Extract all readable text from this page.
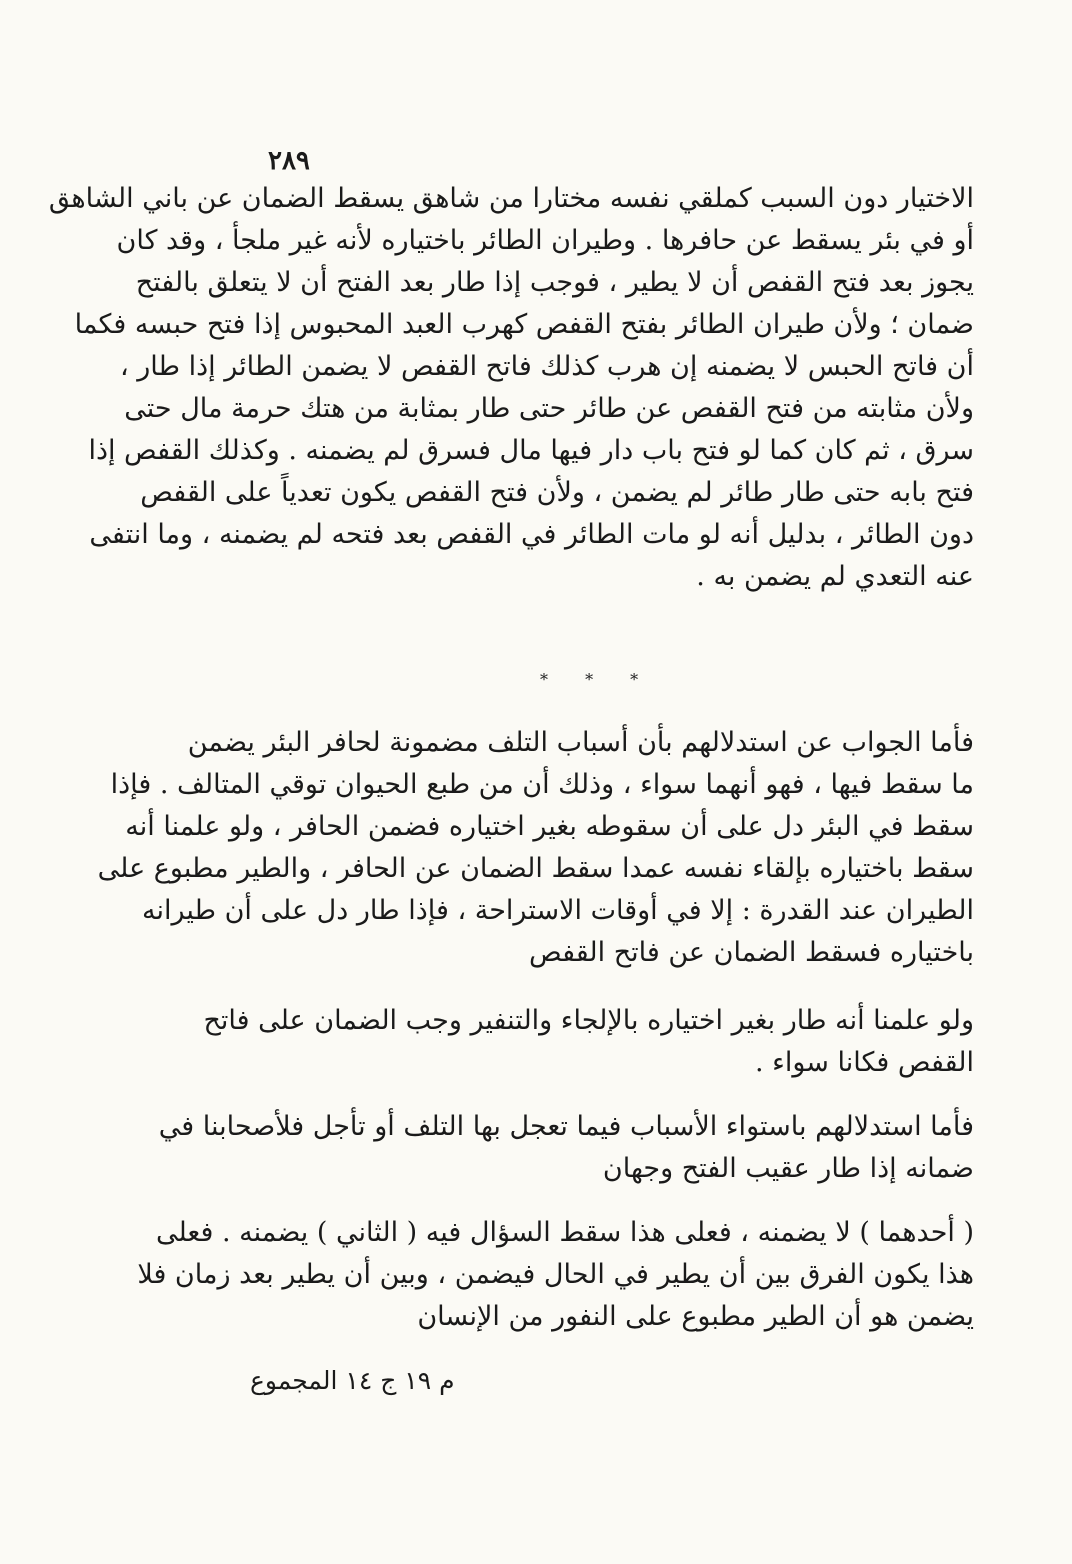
٢٨٩
الاختيار دون السبب كملقي نفسه مختارا من شاهق يسقط الضمان عن باني الشاهق
أو في بئر يسقط عن حافرها . وطيران الطائر باختياره لأنه غير ملجأ ، وقد كان
يجوز بعد فتح القفص أن لا يطير ، فوجب إذا طار بعد الفتح أن لا يتعلق بالفتح
ضمان ؛ ولأن طيران الطائر بفتح القفص كهرب العبد المحبوس إذا فتح حبسه فكما
أن فاتح الحبس لا يضمنه إن هرب كذلك فاتح القفص لا يضمن الطائر إذا طار ،
ولأن مثابته من فتح القفص عن طائر حتى طار بمثابة من هتك حرمة مال حتى
سرق ، ثم كان كما لو فتح باب دار فيها مال فسرق لم يضمنه . وكذلك القفص إذا
فتح بابه حتى طار طائر لم يضمن ، ولأن فتح القفص يكون تعدياً على القفص
دون الطائر ، بدليل أنه لو مات الطائر في القفص بعد فتحه لم يضمنه ، وما انتفى
عنه التعدي لم يضمن به .
* * *
فأما الجواب عن استدلالهم بأن أسباب التلف مضمونة لحافر البئر يضمن
ما سقط فيها ، فهو أنهما سواء ، وذلك أن من طبع الحيوان توقي المتالف . فإذا
سقط في البئر دل على أن سقوطه بغير اختياره فضمن الحافر ، ولو علمنا أنه
سقط باختياره بإلقاء نفسه عمدا سقط الضمان عن الحافر ، والطير مطبوع على
الطيران عند القدرة : إلا في أوقات الاستراحة ، فإذا طار دل على أن طيرانه
باختياره فسقط الضمان عن فاتح القفص
ولو علمنا أنه طار بغير اختياره بالإلجاء والتنفير وجب الضمان على فاتح
القفص فكانا سواء .
فأما استدلالهم باستواء الأسباب فيما تعجل بها التلف أو تأجل فلأصحابنا في
ضمانه إذا طار عقيب الفتح وجهان
( أحدهما ) لا يضمنه ، فعلى هذا سقط السؤال فيه ( الثاني ) يضمنه . فعلى
هذا يكون الفرق بين أن يطير في الحال فيضمن ، وبين أن يطير بعد زمان فلا
يضمن هو أن الطير مطبوع على النفور من الإنسان
م ١٩ ج ١٤ المجموع
